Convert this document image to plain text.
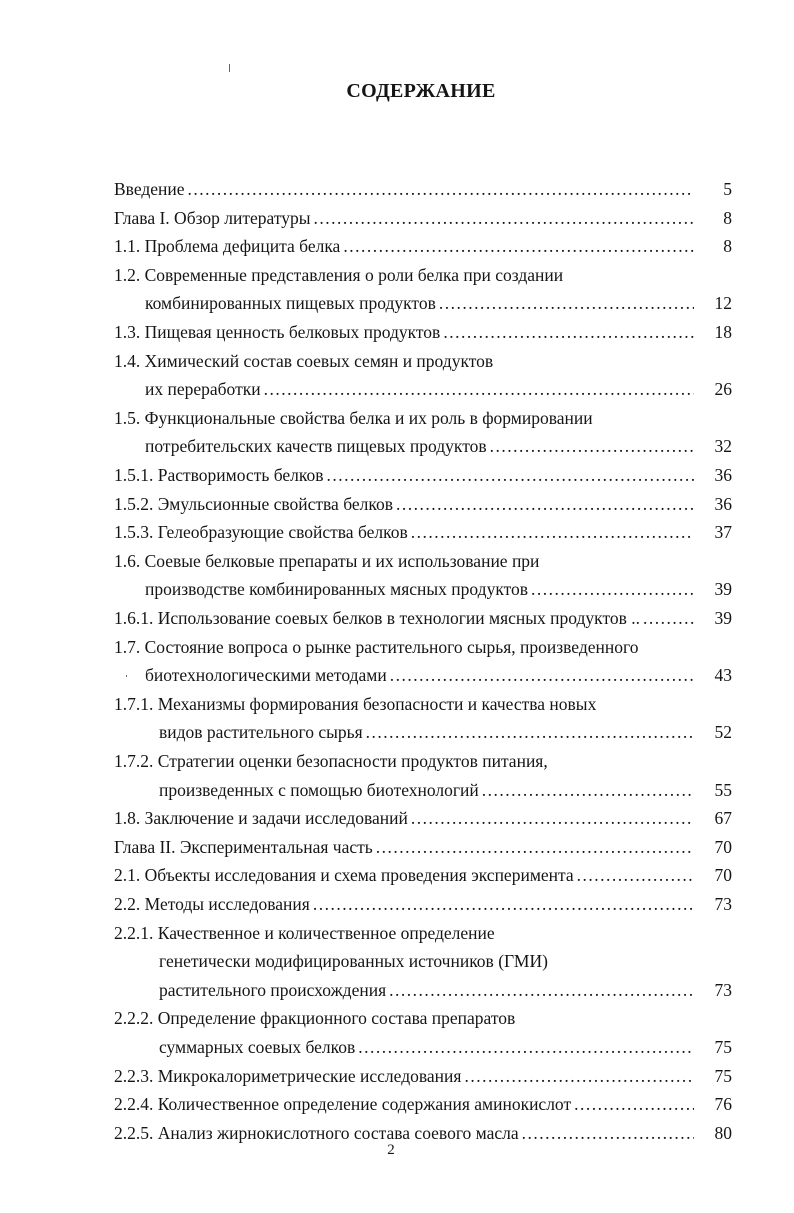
СОДЕРЖАНИЕ
5
Введение
.....
8
Глава I. Обзор литературы
.....
8
1.1. Проблема дефицита белка
.....
1.2. Современные представления о роли белка при создании
12
комбинированных пищевых продуктов
.....
18
1.3. Пищевая ценность белковых продуктов
.....
1.4. Химический состав соевых семян и продуктов
26
их переработки
.....
1.5. Функциональные свойства белка и их роль в формировании
32
потребительских качеств пищевых продуктов
.....
36
1.5.1. Растворимость белков
.....
36
1.5.2. Эмульсионные свойства белков
.....
37
1.5.3. Гелеобразующие свойства белков
.....
1.6. Соевые белковые препараты и их использование при
39
производстве комбинированных мясных продуктов
.....
39
1.6.1. Использование соевых белков в технологии мясных продуктов ..
.....
1.7. Состояние вопроса о рынке растительного сырья, произведенного
43
биотехнологическими методами
.....
1.7.1. Механизмы формирования безопасности и качества новых
52
видов растительного сырья
.....
1.7.2. Стратегии оценки безопасности продуктов питания,
55
произведенных с помощью биотехнологий
.....
67
1.8. Заключение и задачи исследований
.....
70
Глава II. Экспериментальная часть
.....
70
2.1. Объекты исследования и схема проведения эксперимента
.....
73
2.2. Методы исследования
.....
2.2.1. Качественное и количественное определение
генетически модифицированных источников (ГМИ)
73
растительного происхождения
.....
2.2.2. Определение фракционного состава препаратов
75
суммарных соевых белков
.....
75
2.2.3. Микрокалориметрические исследования
.....
76
2.2.4. Количественное определение содержания аминокислот
.....
80
2.2.5. Анализ жирнокислотного состава соевого масла
.....
2
